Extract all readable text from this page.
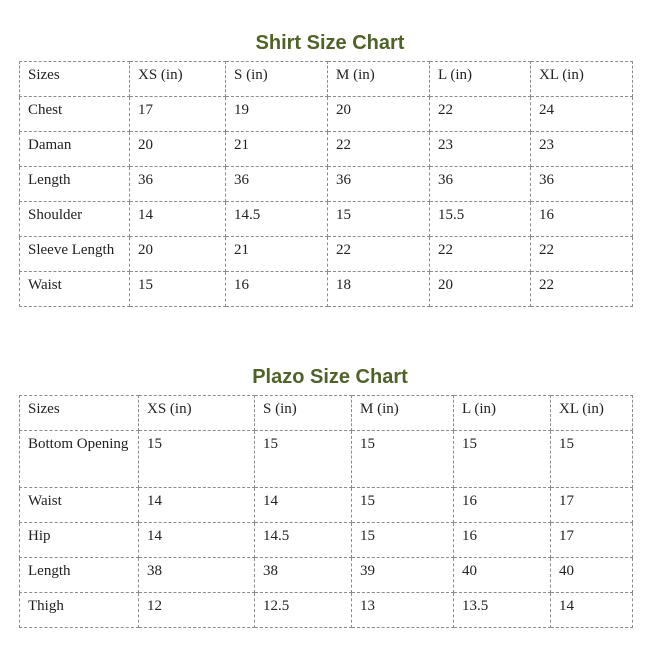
Shirt Size Chart
Sizes	XS (in)	S (in)	M (in)	L (in)	XL (in)
Chest	17	19	20	22	24
Daman	20	21	22	23	23
Length	36	36	36	36	36
Shoulder	14	14.5	15	15.5	16
Sleeve Length	20	21	22	22	22
Waist	15	16	18	20	22
Plazo Size Chart
Sizes	XS (in)	S (in)	M (in)	L (in)	XL (in)
Bottom Opening	15	15	15	15	15
Waist	14	14	15	16	17
Hip	14	14.5	15	16	17
Length	38	38	39	40	40
Thigh	12	12.5	13	13.5	14
